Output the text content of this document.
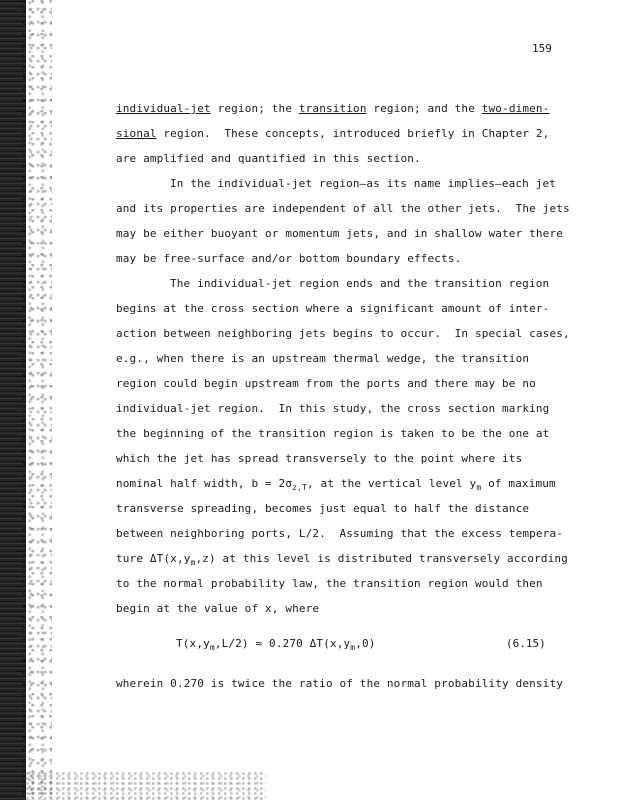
159
individual-jet region; the transition region; and the two-dimen-
sional region.  These concepts, introduced briefly in Chapter 2,
are amplified and quantified in this section.
In the individual-jet region—as its name implies—each jet
and its properties are independent of all the other jets.  The jets
may be either buoyant or momentum jets, and in shallow water there
may be free-surface and/or bottom boundary effects.
The individual-jet region ends and the transition region
begins at the cross section where a significant amount of inter-
action between neighboring jets begins to occur.  In special cases,
e.g., when there is an upstream thermal wedge, the transition
region could begin upstream from the ports and there may be no
individual-jet region.  In this study, the cross section marking
the beginning of the transition region is taken to be the one at
which the jet has spread transversely to the point where its
nominal half width, $b = 2\sigma_{z,T}$, at the vertical level $y_m$ of maximum
transverse spreading, becomes just equal to half the distance
between neighboring ports, L/2.  Assuming that the excess tempera-
ture $\Delta T(x,y_m,z)$ at this level is distributed transversely according
to the normal probability law, the transition region would then
begin at the value of x, where
$T(x,y_m,L/2) \approx 0.270$ $\Delta T(x,y_m,0)$	(6.15)
wherein 0.270 is twice the ratio of the normal probability density
